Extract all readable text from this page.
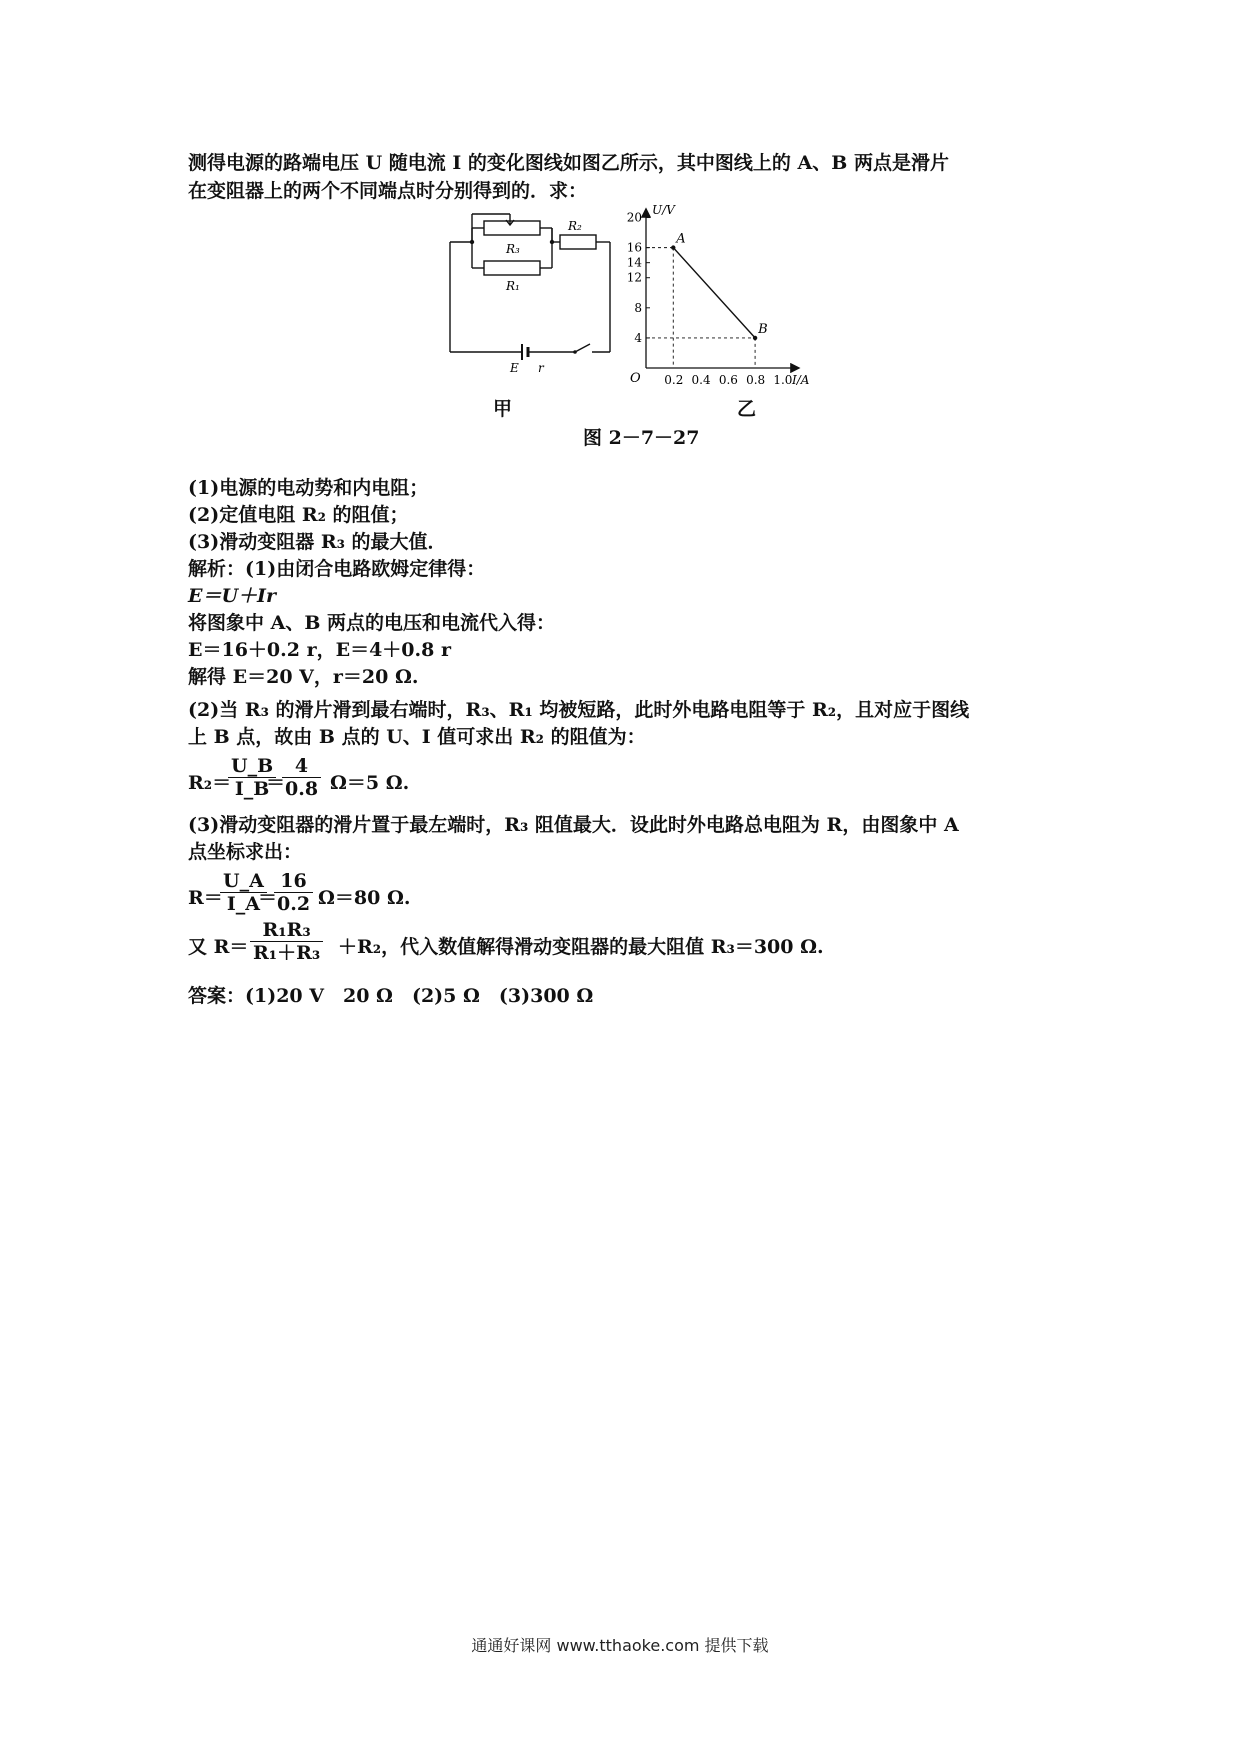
测得电源的路端电压 U 随电流 I 的变化图线如图乙所示，其中图线上的 A、B 两点是滑片
在变阻器上的两个不同端点时分别得到的．求：
R₃
R₂
R₁
E r
0.2 0.4 0.6 0.8 1.0
4
8
12
14
16
20
A
B
U/V
I/A
O
甲	乙
图 2－7－27
(1)电源的电动势和内电阻；
(2)定值电阻 R₂ 的阻值；
(3)滑动变阻器 R₃ 的最大值．
解析：(1)由闭合电路欧姆定律得：
E＝U＋Ir
将图象中 A、B 两点的电压和电流代入得：
E＝16＋0.2 r，E＝4＋0.8 r
解得 E＝20 V，r＝20 Ω.
(2)当 R₃ 的滑片滑到最右端时，R₃、R₁ 均被短路，此时外电路电阻等于 R₂，且对应于图线
上 B 点，故由 B 点的 U、I 值可求出 R₂ 的阻值为：
R₂＝
$\frac{U\_B}{I\_B}$
＝
$\frac{4}{0.8} \Omega=5$ Ω.
(3)滑动变阻器的滑片置于最左端时，R₃ 阻值最大．设此时外电路总电阻为 R，由图象中 A
点坐标求出：
R＝
$\frac{U\_A}{I\_A}$
＝
$\frac{16}{0.2} \Omega=80$ Ω.
又 $R= \frac{\text{R₁R₃}}{\text{R₁＋R₃}} +R_2$，代入数值解得滑动变阻器的最大阻值 R₃＝300 Ω.
答案：(1)20 V　20 Ω　(2)5 Ω　(3)300 Ω
通通好课网 www.tthaoke.com 提供下载
